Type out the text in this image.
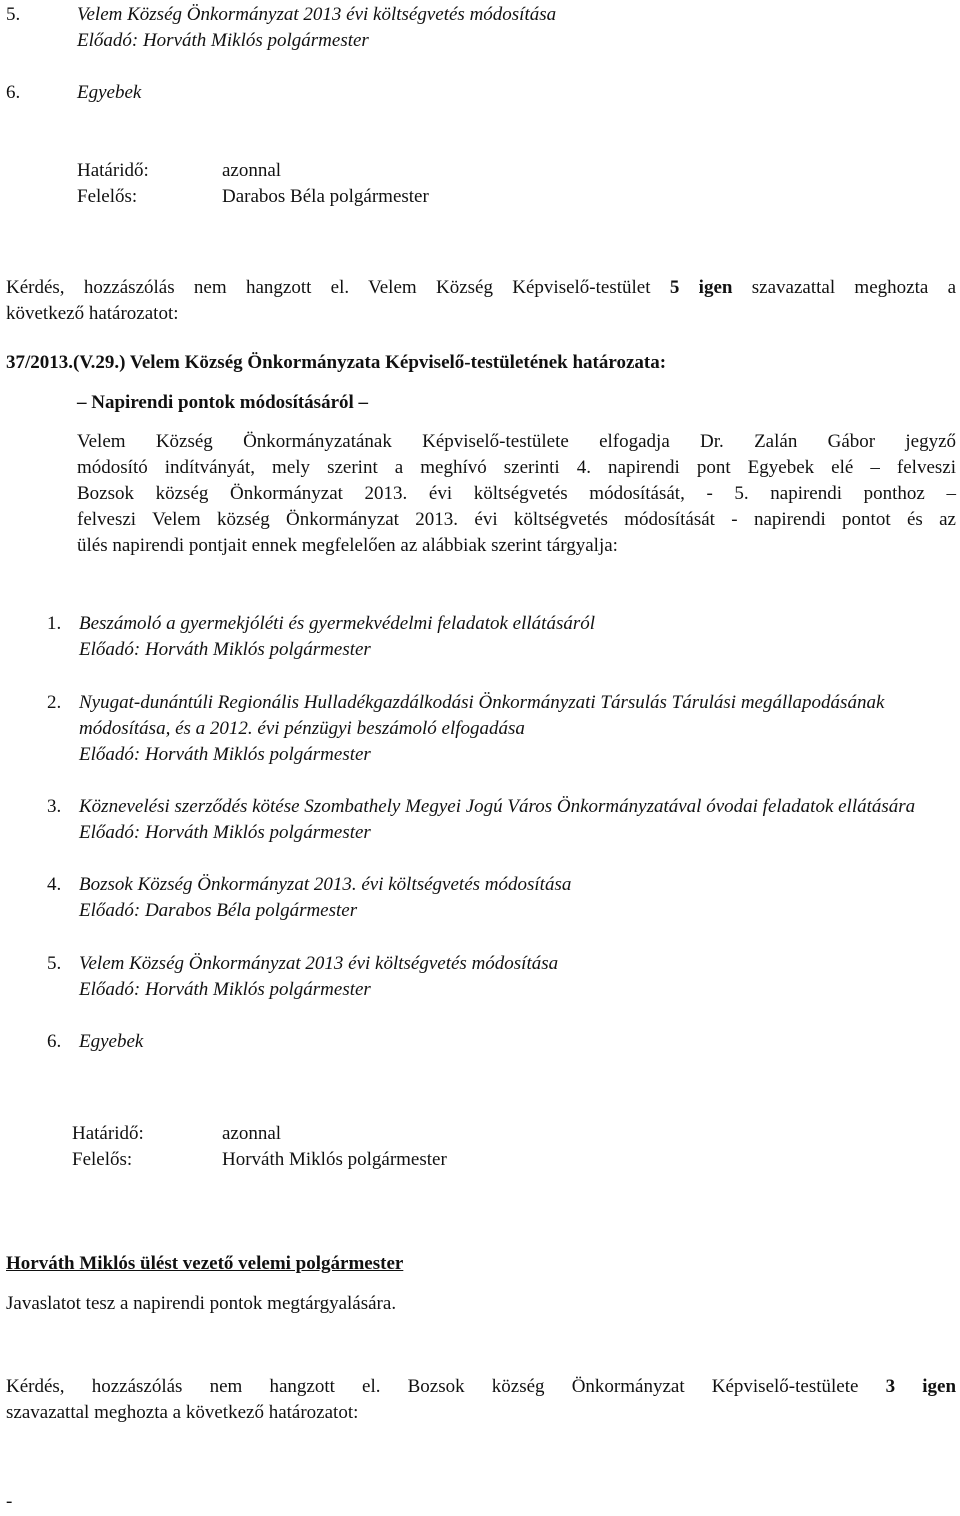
5.	Velem Község Önkormányzat 2013 évi költségvetés módosítása
Előadó: Horváth Miklós polgármester
6.	Egyebek
Határidő:	azonnal
Felelős:	Darabos Béla polgármester
Kérdés, hozzászólás nem hangzott el. Velem Község Képviselő-testület 5 igen szavazattal meghozta a
következő határozatot:
37/2013.(V.29.) Velem Község Önkormányzata Képviselő-testületének határozata:
– Napirendi pontok módosításáról –
Velem Község Önkormányzatának Képviselő-testülete elfogadja Dr. Zalán Gábor jegyző
módosító indítványát, mely szerint a meghívó szerinti 4. napirendi pont Egyebek elé – felveszi
Bozsok község Önkormányzat 2013. évi költségvetés módosítását, - 5. napirendi ponthoz –
felveszi Velem község Önkormányzat 2013. évi költségvetés módosítását - napirendi pontot és az
ülés napirendi pontjait ennek megfelelően az alábbiak szerint tárgyalja:
1. Beszámoló a gyermekjóléti és gyermekvédelmi feladatok ellátásáról
Előadó: Horváth Miklós polgármester
2. Nyugat-dunántúli Regionális Hulladékgazdálkodási Önkormányzati Társulás Tárulási megállapodásának
módosítása, és a 2012. évi pénzügyi beszámoló elfogadása
Előadó: Horváth Miklós polgármester
3. Köznevelési szerződés kötése Szombathely Megyei Jogú Város Önkormányzatával óvodai feladatok ellátására
Előadó: Horváth Miklós polgármester
4. Bozsok Község Önkormányzat 2013. évi költségvetés módosítása
Előadó: Darabos Béla polgármester
5. Velem Község Önkormányzat 2013 évi költségvetés módosítása
Előadó: Horváth Miklós polgármester
6. Egyebek
Határidő:	azonnal
Felelős:	Horváth Miklós polgármester
Horváth Miklós ülést vezető velemi polgármester
Javaslatot tesz a napirendi pontok megtárgyalására.
Kérdés, hozzászólás nem hangzott el. Bozsok község Önkormányzat Képviselő-testülete 3 igen
szavazattal meghozta a következő határozatot:
-
